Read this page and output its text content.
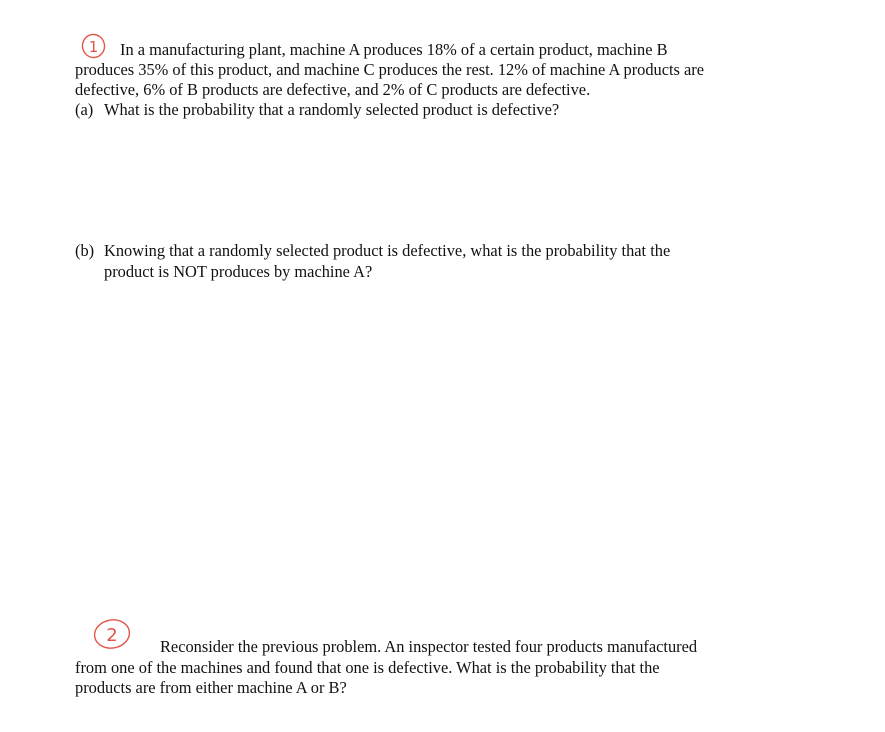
1 In a manufacturing plant, machine A produces 18% of a certain product, machine B
produces 35% of this product, and machine C produces the rest. 12% of machine A products are
defective, 6% of B products are defective, and 2% of C products are defective.
(a) What is the probability that a randomly selected product is defective?
(b) Knowing that a randomly selected product is defective, what is the probability that the
product is NOT produces by machine A?
2
Reconsider the previous problem. An inspector tested four products manufactured
from one of the machines and found that one is defective. What is the probability that the
products are from either machine A or B?
